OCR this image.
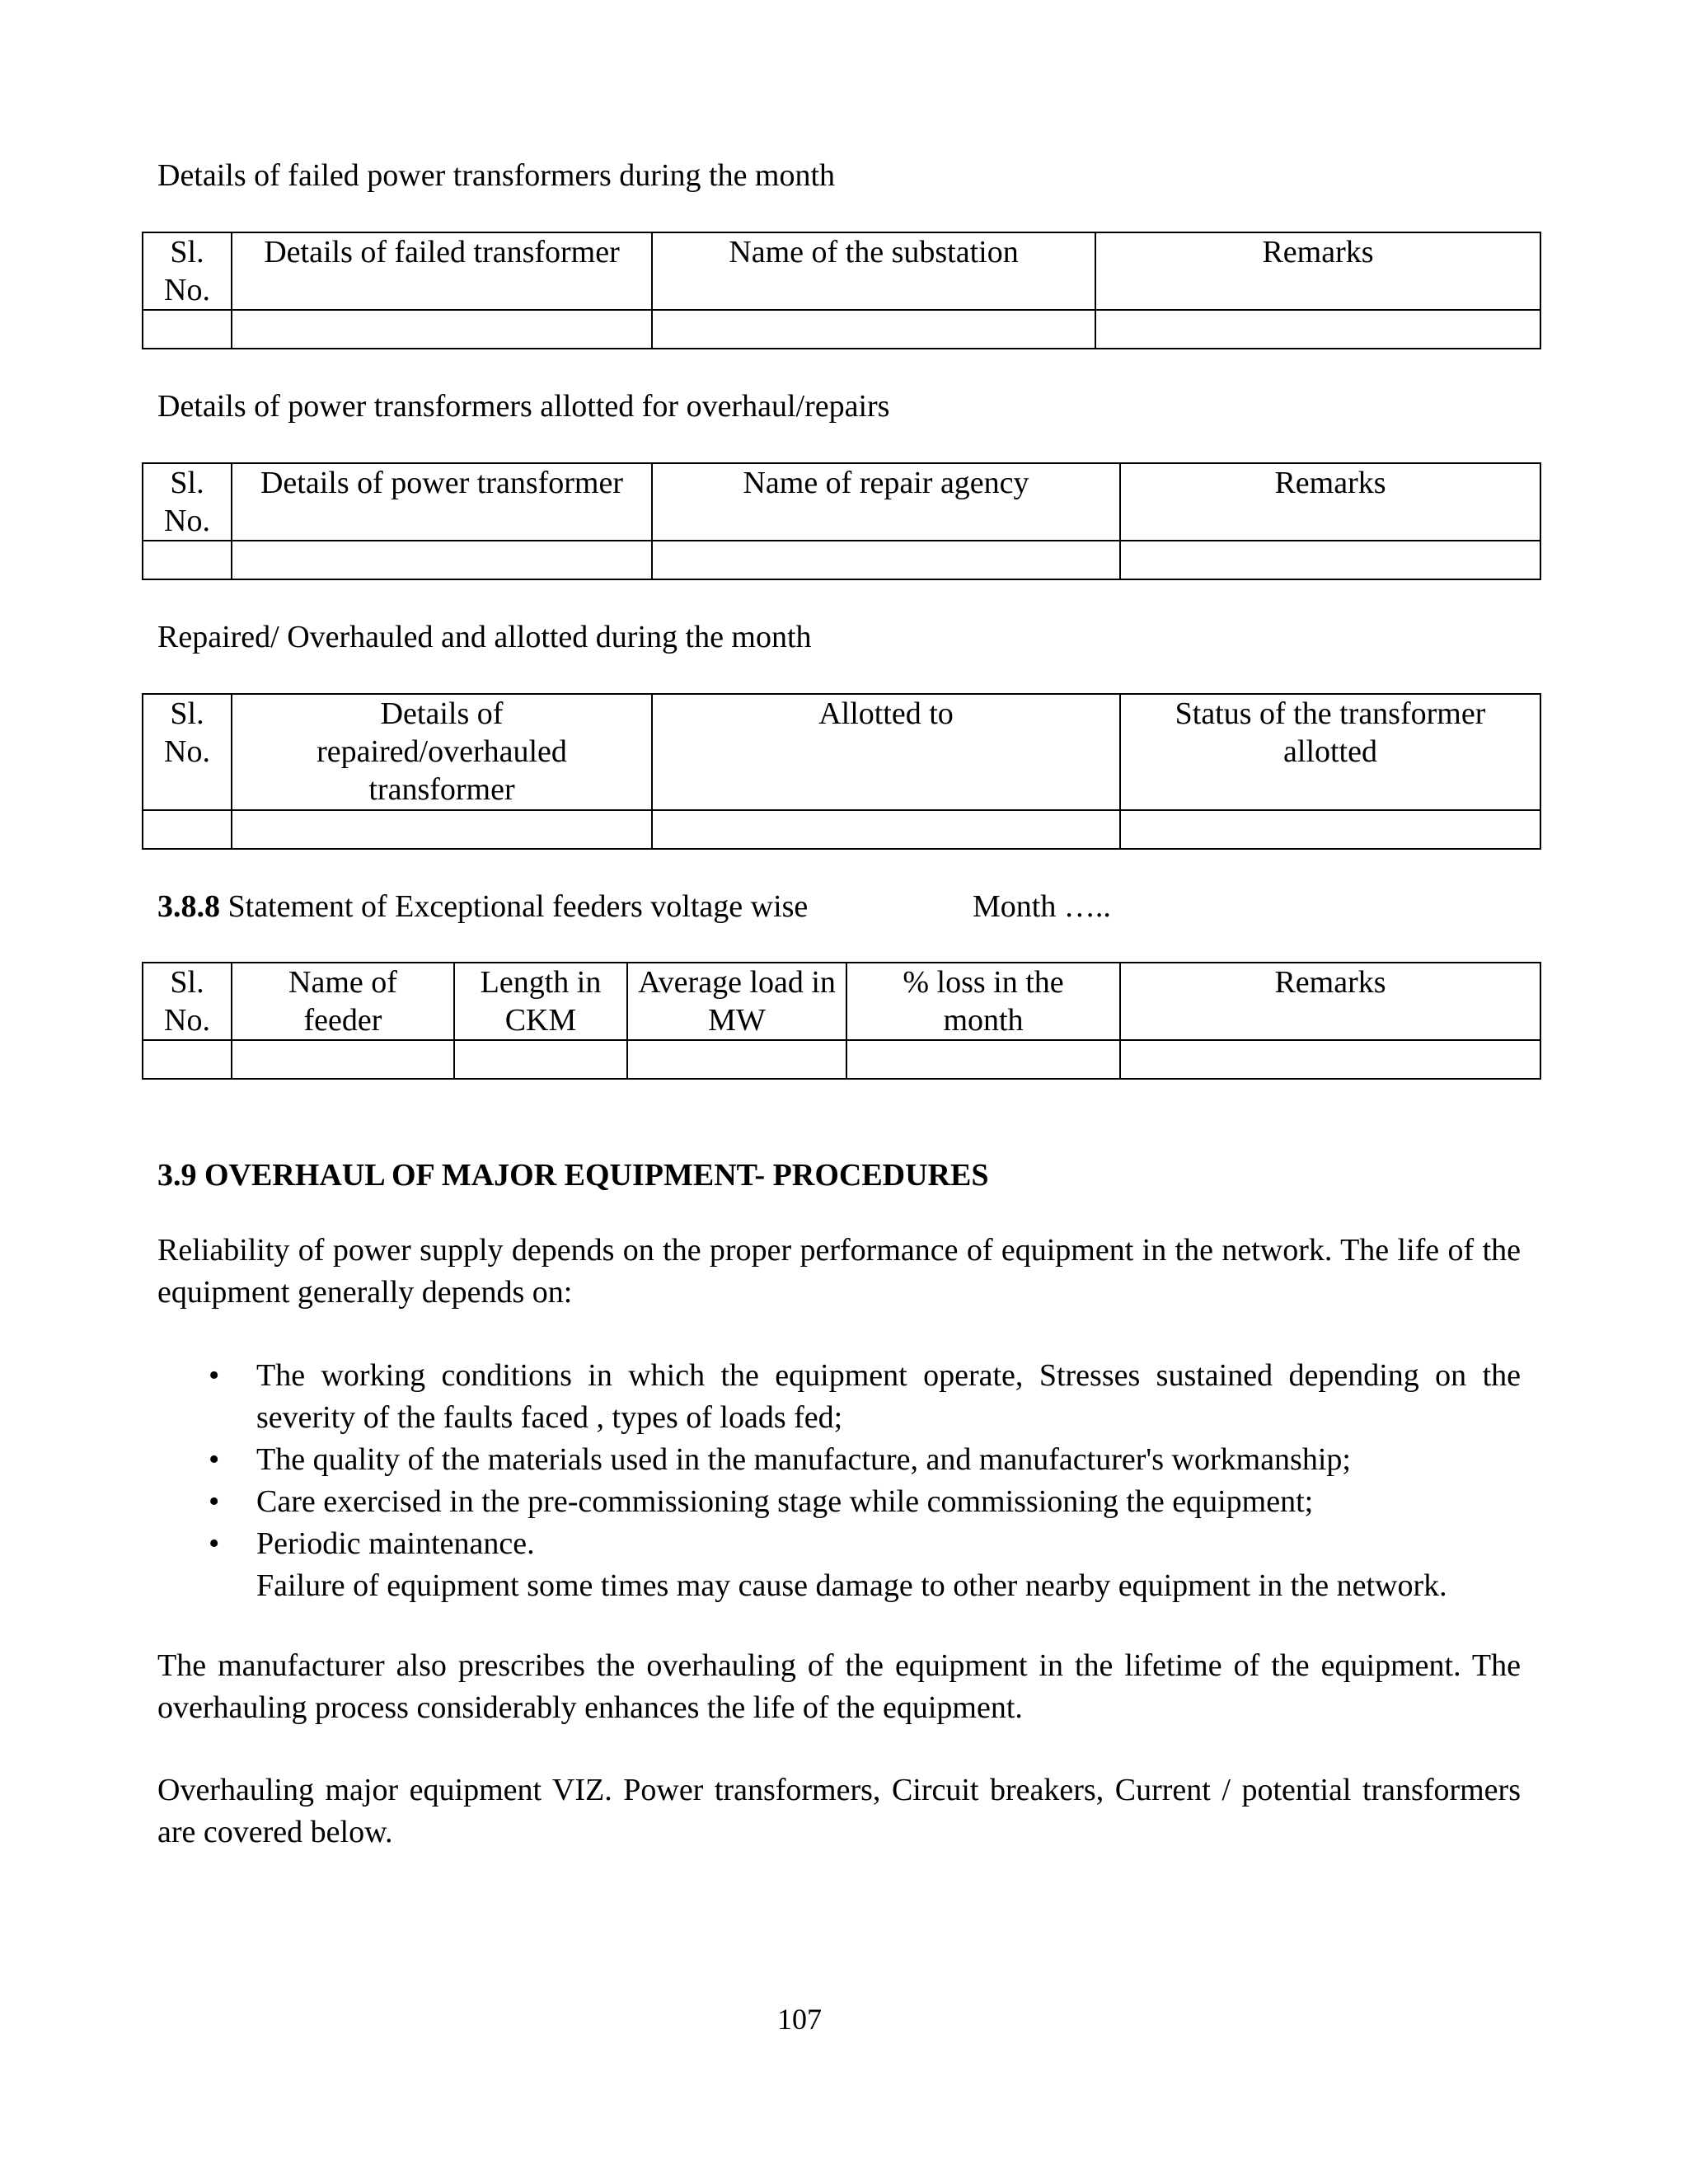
Details of failed power transformers during the month
Sl. No.	Details of failed transformer	Name of the substation	Remarks

Details of power transformers allotted for overhaul/repairs
Sl. No.	Details of power transformer	Name of repair agency	Remarks

Repaired/ Overhauled and allotted during the month
Sl. No.	Details of repaired/overhauled transformer	Allotted to	Status of the transformer allotted

3.8.8 Statement of Exceptional feeders voltage wise	Month …..
Sl. No.	Name of feeder	Length in CKM	Average load in MW	% loss in the month	Remarks

3.9 OVERHAUL OF MAJOR EQUIPMENT- PROCEDURES

Reliability of power supply depends on the proper performance of equipment in the network. The life of the equipment generally depends on:

• The working conditions in which the equipment operate, Stresses sustained depending on the severity of the faults faced , types of loads fed;
• The quality of the materials used in the manufacture, and manufacturer's workmanship;
• Care exercised in the pre-commissioning stage while commissioning the equipment;
• Periodic maintenance.
Failure of equipment some times may cause damage to other nearby equipment in the network.

The manufacturer also prescribes the overhauling of the equipment in the lifetime of the equipment. The overhauling process considerably enhances the life of the equipment.

Overhauling major equipment VIZ. Power transformers, Circuit breakers, Current / potential transformers are covered below.

107
